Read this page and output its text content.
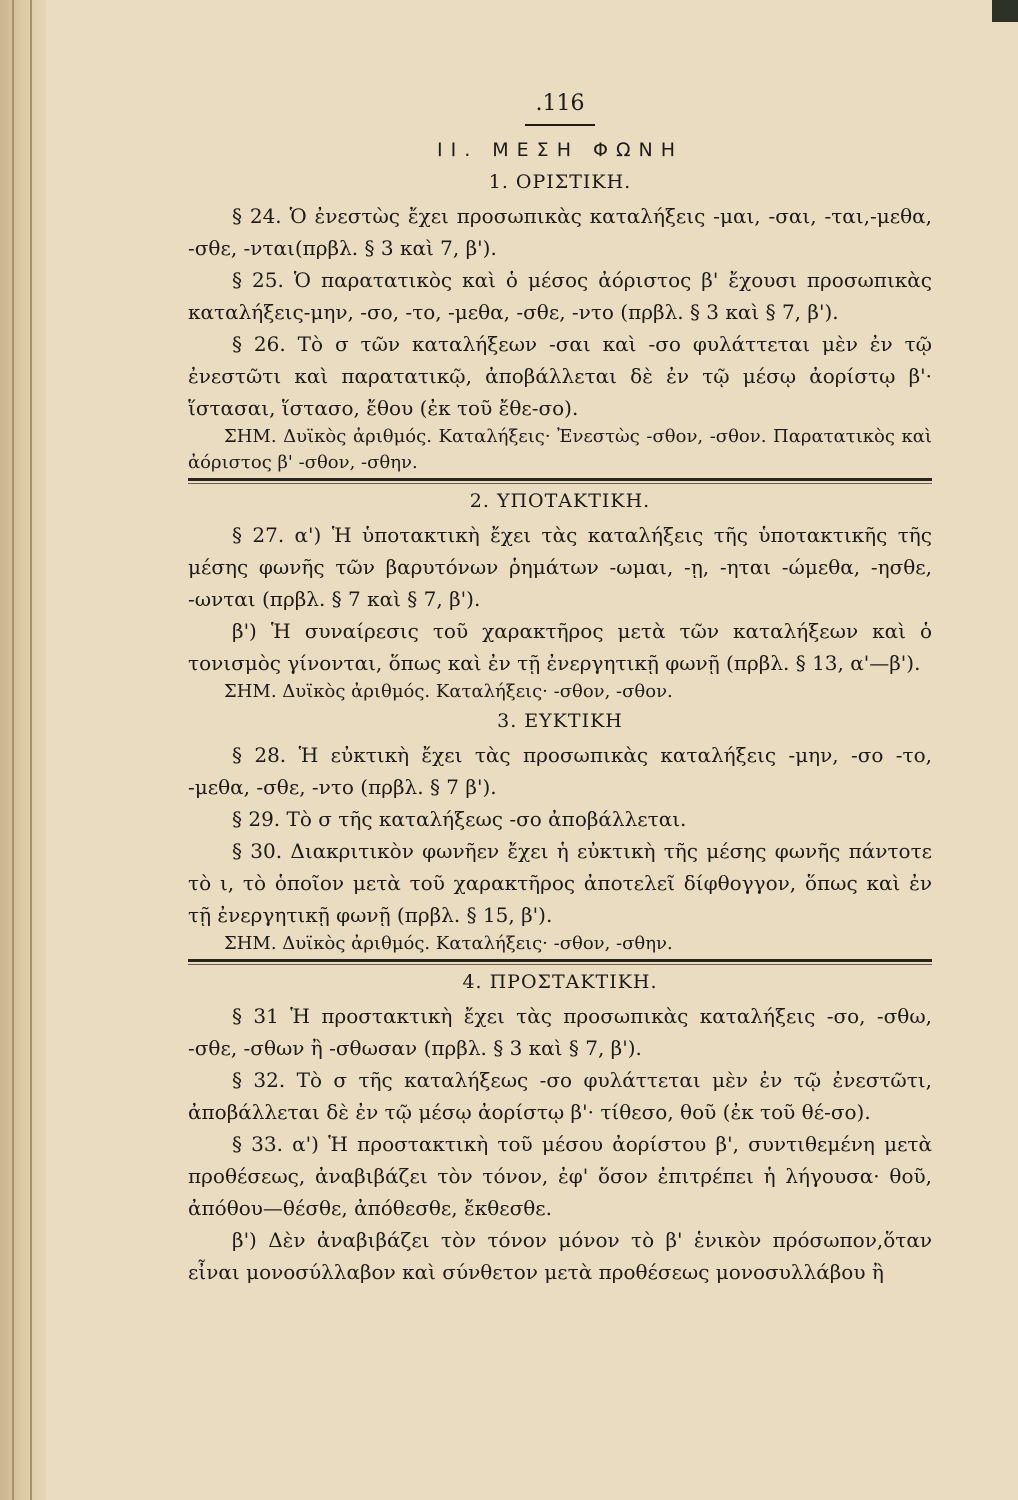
.116
ΙΙ. ΜΕΣΗ ΦΩΝΗ
1. ΟΡΙΣΤΙΚΗ.

§ 24. Ὁ ἐνεστὼς ἔχει προσωπικὰς καταλήξεις -μαι, -σαι, -ται,-μεθα, -σθε, -νται(πρβλ. § 3 καὶ 7, β').

§ 25. Ὁ παρατατικὸς καὶ ὁ μέσος ἀόριστος β' ἔχουσι προσωπικὰς καταλήξεις-μην, -σο, -το, -μεθα, -σθε, -ντο (πρβλ. § 3 καὶ § 7, β').

§ 26. Τὸ σ τῶν καταλήξεων -σαι καὶ -σο φυλάττεται μὲν ἐν τῷ ἐνεστῶτι καὶ παρατατικῷ, ἀποβάλλεται δὲ ἐν τῷ μέσῳ ἀορίστῳ β'· ἵστασαι, ἵστασο, ἔθου (ἐκ τοῦ ἔθε-σο).

ΣΗΜ. Δυϊκὸς ἀριθμός. Καταλήξεις· Ἐνεστὼς -σθον, -σθον. Παρατατικὸς καὶ ἀόριστος β' -σθον, -σθην.

2. ΥΠΟΤΑΚΤΙΚΗ.

§ 27. α') Ἡ ὑποτακτικὴ ἔχει τὰς καταλήξεις τῆς ὑποτακτικῆς τῆς μέσης φωνῆς τῶν βαρυτόνων ῥημάτων -ωμαι, -ῃ, -ηται -ώμεθα, -ησθε, -ωνται (πρβλ. § 7 καὶ § 7, β').

β') Ἡ συναίρεσις τοῦ χαρακτῆρος μετὰ τῶν καταλήξεων καὶ ὁ τονισμὸς γίνονται, ὅπως καὶ ἐν τῇ ἐνεργητικῇ φωνῇ (πρβλ. § 13, α'—β').

ΣΗΜ. Δυϊκὸς ἀριθμός. Καταλήξεις· -σθον, -σθον.

3. ΕΥΚΤΙΚΗ

§ 28. Ἡ εὐκτικὴ ἔχει τὰς προσωπικὰς καταλήξεις -μην, -σο -το, -μεθα, -σθε, -ντο (πρβλ. § 7 β').

§ 29. Τὸ σ τῆς καταλήξεως -σο ἀποβάλλεται.

§ 30. Διακριτικὸν φωνῆεν ἔχει ἡ εὐκτικὴ τῆς μέσης φωνῆς πάντοτε τὸ ι, τὸ ὁποῖον μετὰ τοῦ χαρακτῆρος ἀποτελεῖ δίφθογγον, ὅπως καὶ ἐν τῇ ἐνεργητικῇ φωνῇ (πρβλ. § 15, β').

ΣΗΜ. Δυϊκὸς ἀριθμός. Καταλήξεις· -σθον, -σθην.

4. ΠΡΟΣΤΑΚΤΙΚΗ.

§ 31 Ἡ προστακτικὴ ἔχει τὰς προσωπικὰς καταλήξεις -σο, -σθω, -σθε, -σθων ἢ -σθωσαν (πρβλ. § 3 καὶ § 7, β').

§ 32. Τὸ σ τῆς καταλήξεως -σο φυλάττεται μὲν ἐν τῷ ἐνεστῶτι, ἀποβάλλεται δὲ ἐν τῷ μέσῳ ἀορίστῳ β'· τίθεσο, θοῦ (ἐκ τοῦ θέ-σο).

§ 33. α') Ἡ προστακτικὴ τοῦ μέσου ἀορίστου β', συντιθεμένη μετὰ προθέσεως, ἀναβιβάζει τὸν τόνον, ἐφ' ὅσον ἐπιτρέπει ἡ λήγουσα· θοῦ, ἀπόθου—θέσθε, ἀπόθεσθε, ἔκθεσθε.

β') Δὲν ἀναβιβάζει τὸν τόνον μόνον τὸ β' ἑνικὸν πρόσωπον,ὅταν εἶναι μονοσύλλαβον καὶ σύνθετον μετὰ προθέσεως μονοσυλλάβου ἢ
